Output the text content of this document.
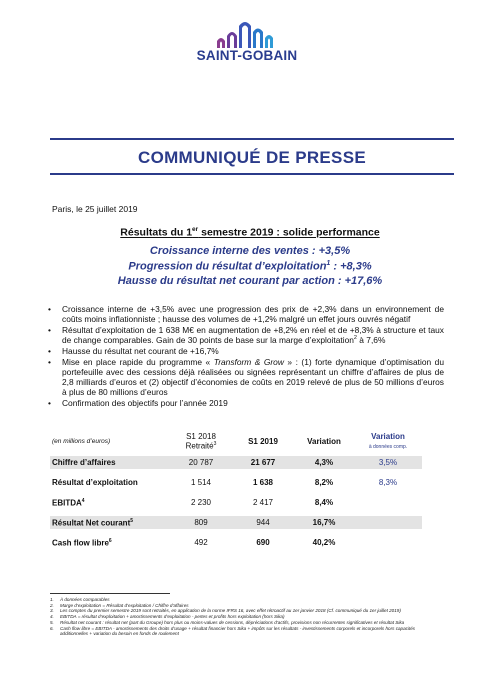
SAINT-GOBAIN
COMMUNIQUÉ DE PRESSE
Paris, le 25 juillet 2019
Résultats du 1er semestre 2019 : solide performance
Croissance interne des ventes : +3,5%
Progression du résultat d’exploitation$^1$ : +8,3%
Hausse du résultat net courant par action : +17,6%
• Croissance interne de +3,5% avec une progression des prix de +2,3% dans un environnement de coûts moins inflationniste ; hausse des volumes de +1,2% malgré un effet jours ouvrés négatif
• Résultat d’exploitation de 1 638 M€ en augmentation de +8,2% en réel et de +8,3% à structure et taux de change comparables. Gain de 30 points de base sur la marge d’exploitation$^2$ à 7,6%
• Hausse du résultat net courant de +16,7%
• Mise en place rapide du programme « Transform & Grow » : (1) forte dynamique d’optimisation du portefeuille avec des cessions déjà réalisées ou signées représentant un chiffre d’affaires de plus de 2,8 milliards d’euros et (2) objectif d’économies de coûts en 2019 relevé de plus de 50 millions d’euros à plus de 80 millions d’euros
• Confirmation des objectifs pour l’année 2019
(en millions d’euros)	S1 2018
Retraité$^3$	S1 2019	Variation	Variation
à données comp.
Chiffre d’affaires	20 787	21 677	4,3%	3,5%

Résultat d’exploitation	1 514	1 638	8,2%	8,3%

EBITDA$^4$	2 230	2 417	8,4%	

Résultat Net courant$^5$	809	944	16,7%	

Cash flow libre$^6$	492	690	40,2%	
1. À données comparables
2. Marge d’exploitation = Résultat d’exploitation / Chiffre d’affaires
3. Les comptes du premier semestre 2019 sont retraités, en application de la norme IFRS 16, avec effet rétroactif au 1er janvier 2018 (Cf. communiqué du 1er juillet 2019)
4. EBITDA = résultat d’exploitation + amortissements d’exploitation - pertes et profits hors exploitation (hors Sika)
5. Résultat net courant : résultat net (part du Groupe) hors plus ou moins-values de cessions, dépréciations d’actifs, provisions non récurrentes significatives et résultat Sika
6. Cash flow libre = EBITDA - amortissements des droits d’usage + résultat financier hors Sika + impôts sur les résultats - investissements corporels et incorporels hors capacités additionnelles + variation du besoin en fonds de roulement
